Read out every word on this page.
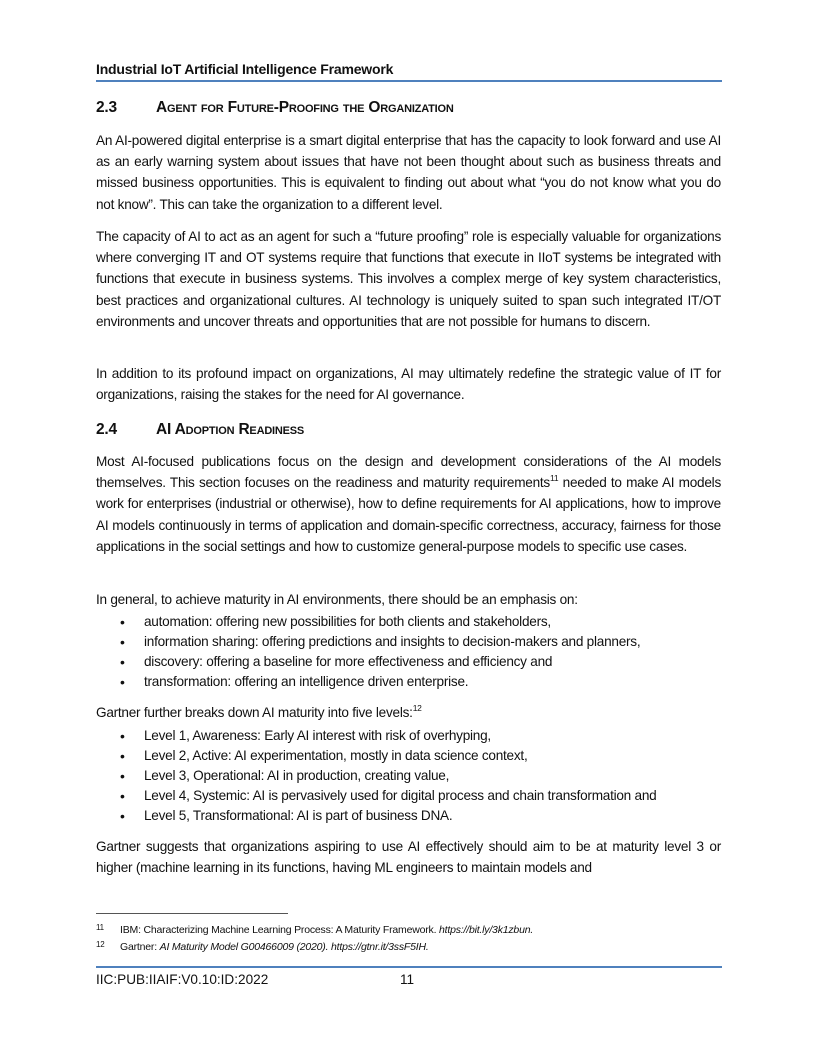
Industrial IoT Artificial Intelligence Framework
2.3	Agent for Future-Proofing the Organization

An AI-powered digital enterprise is a smart digital enterprise that has the capacity to look forward and use AI as an early warning system about issues that have not been thought about such as business threats and missed business opportunities. This is equivalent to finding out about what “you do not know what you do not know”. This can take the organization to a different level.

The capacity of AI to act as an agent for such a “future proofing” role is especially valuable for organizations where converging IT and OT systems require that functions that execute in IIoT systems be integrated with functions that execute in business systems. This involves a complex merge of key system characteristics, best practices and organizational cultures. AI technology is uniquely suited to span such integrated IT/OT environments and uncover threats and opportunities that are not possible for humans to discern.

In addition to its profound impact on organizations, AI may ultimately redefine the strategic value of IT for organizations, raising the stakes for the need for AI governance.

2.4	AI Adoption Readiness

Most AI-focused publications focus on the design and development considerations of the AI models themselves. This section focuses on the readiness and maturity requirements$^{11}$ needed to make AI models work for enterprises (industrial or otherwise), how to define requirements for AI applications, how to improve AI models continuously in terms of application and domain-specific correctness, accuracy, fairness for those applications in the social settings and how to customize general-purpose models to specific use cases.

In general, to achieve maturity in AI environments, there should be an emphasis on:

• automation: offering new possibilities for both clients and stakeholders,
• information sharing: offering predictions and insights to decision-makers and planners,
• discovery: offering a baseline for more effectiveness and efficiency and
• transformation: offering an intelligence driven enterprise.

Gartner further breaks down AI maturity into five levels:$^{12}$

• Level 1, Awareness: Early AI interest with risk of overhyping,
• Level 2, Active: AI experimentation, mostly in data science context,
• Level 3, Operational: AI in production, creating value,
• Level 4, Systemic: AI is pervasively used for digital process and chain transformation and
• Level 5, Transformational: AI is part of business DNA.

Gartner suggests that organizations aspiring to use AI effectively should aim to be at maturity level 3 or higher (machine learning in its functions, having ML engineers to maintain models and

11 IBM: Characterizing Machine Learning Process: A Maturity Framework. https://bit.ly/3k1zbun.
12 Gartner: AI Maturity Model G00466009 (2020). https://gtnr.it/3ssF5IH.
IIC:PUB:IIAIF:V0.10:ID:2022	11
